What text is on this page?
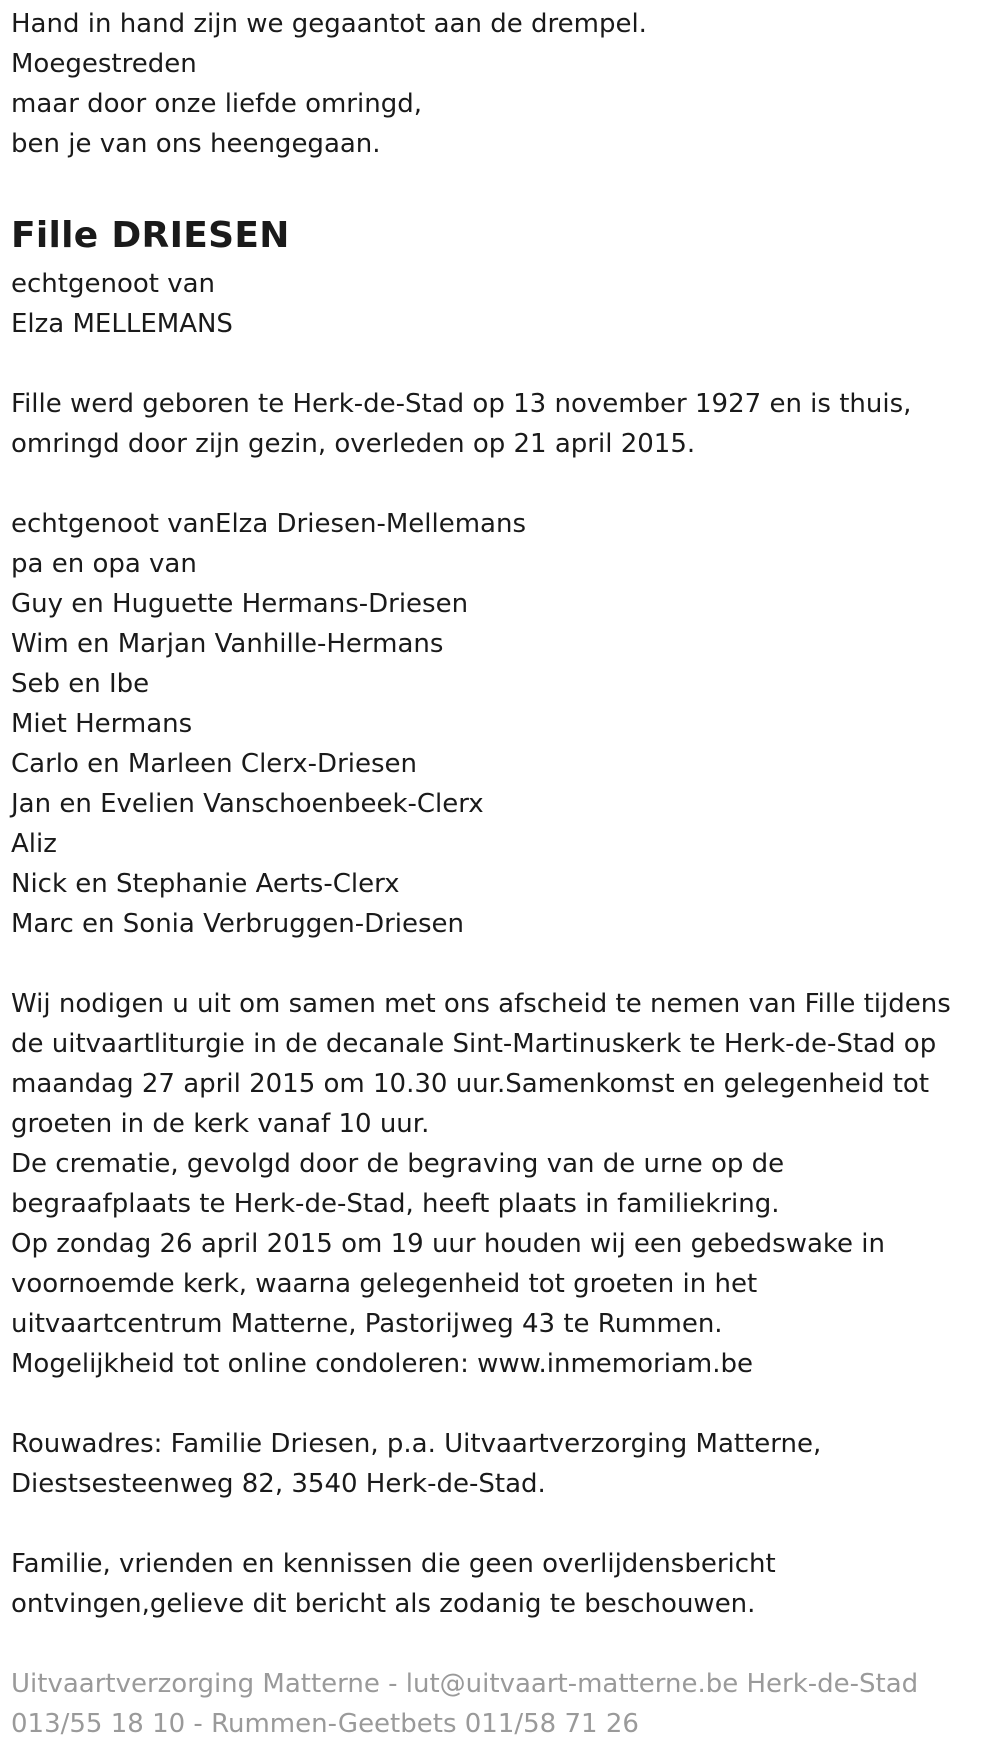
Hand in hand zijn we gegaantot aan de drempel.
Moegestreden
maar door onze liefde omringd,
ben je van ons heengegaan.
Fille DRIESEN
echtgenoot van
Elza MELLEMANS
Fille werd geboren te Herk-de-Stad op 13 november 1927 en is thuis,
omringd door zijn gezin, overleden op 21 april 2015.
echtgenoot vanElza Driesen-Mellemans
pa en opa van
Guy en Huguette Hermans-Driesen
Wim en Marjan Vanhille-Hermans
Seb en Ibe
Miet Hermans
Carlo en Marleen Clerx-Driesen
Jan en Evelien Vanschoenbeek-Clerx
Aliz
Nick en Stephanie Aerts-Clerx
Marc en Sonia Verbruggen-Driesen
Wij nodigen u uit om samen met ons afscheid te nemen van Fille tijdens
de uitvaartliturgie in de decanale Sint-Martinuskerk te Herk-de-Stad op
maandag 27 april 2015 om 10.30 uur.Samenkomst en gelegenheid tot
groeten in de kerk vanaf 10 uur.
De crematie, gevolgd door de begraving van de urne op de
begraafplaats te Herk-de-Stad, heeft plaats in familiekring.
Op zondag 26 april 2015 om 19 uur houden wij een gebedswake in
voornoemde kerk, waarna gelegenheid tot groeten in het
uitvaartcentrum Matterne, Pastorijweg 43 te Rummen.
Mogelijkheid tot online condoleren: www.inmemoriam.be
Rouwadres: Familie Driesen, p.a. Uitvaartverzorging Matterne,
Diestsesteenweg 82, 3540 Herk-de-Stad.
Familie, vrienden en kennissen die geen overlijdensbericht
ontvingen,gelieve dit bericht als zodanig te beschouwen.
Uitvaartverzorging Matterne - lut@uitvaart-matterne.be Herk-de-Stad
013/55 18 10 - Rummen-Geetbets 011/58 71 26
